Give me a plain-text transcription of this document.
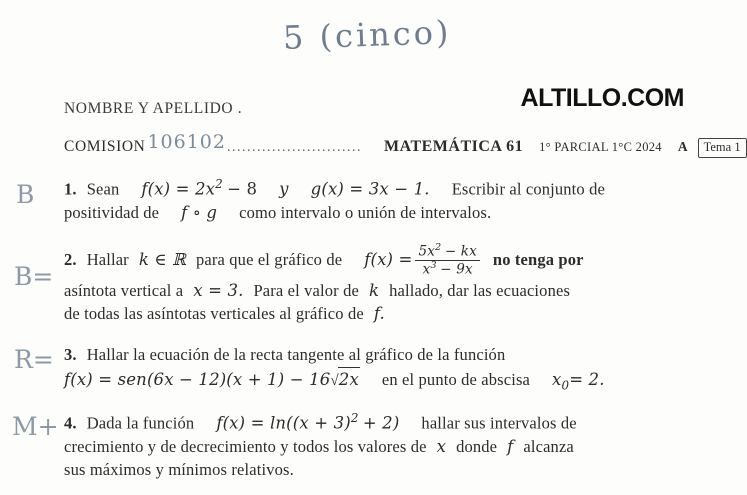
5 (cinco)
ALTILLO.COM
NOMBRE Y APELLIDO .
COMISION 106102 ........................... MATEMÁTICA 61 1° PARCIAL 1°C 2024 A	Tema 1
B 1. Sean $f(x) = 2x^2 - 8$ y g(x) = 3x − 1. Escribir al conjunto de
positividad de f ∘ g como intervalo o unión de intervalos.
B=
2. Hallar k ∈ ℝ para que el gráfico de $f(x) = \frac{5x^2 - kx}{x^3 - 9x}$ no tenga por
asíntota vertical a x = 3. Para el valor de k hallado, dar las ecuaciones
de todas las asíntotas verticales al gráfico de f.
R= 3. Hallar la ecuación de la recta tangente al gráfico de la función
f(x) = sen(6x − 12)(x + 1) − 16√2x en el punto de abscisa $x_0= 2$.
M+ 4. Dada la función $f(x) = \ln((x + 3)^2 + 2)$ hallar sus intervalos de
crecimiento y de decrecimiento y todos los valores de x donde f alcanza
sus máximos y mínimos relativos.
